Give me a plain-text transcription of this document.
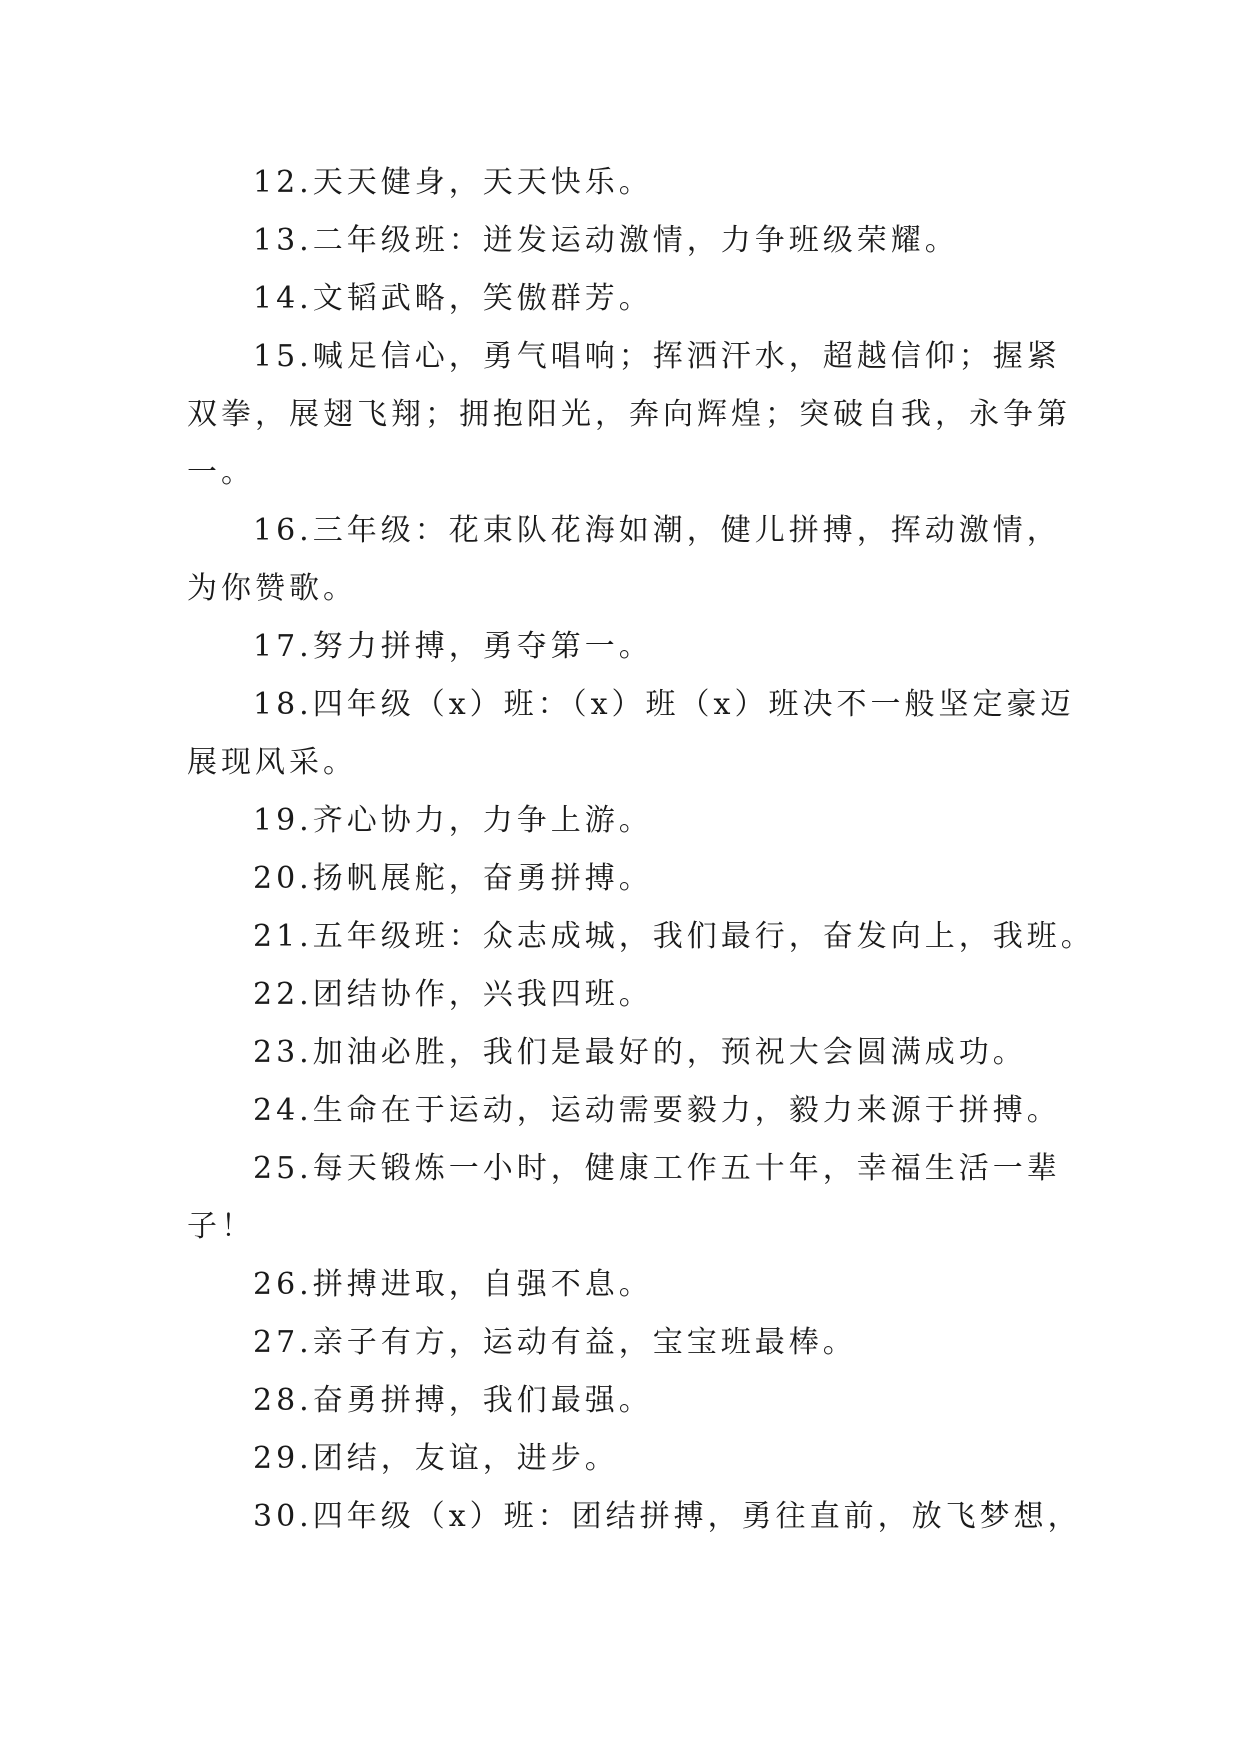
12.天天健身，天天快乐。
13.二年级班：迸发运动激情，力争班级荣耀。
14.文韬武略，笑傲群芳。
15.喊足信心，勇气唱响；挥洒汗水，超越信仰；握紧
双拳，展翅飞翔；拥抱阳光，奔向辉煌；突破自我，永争第
一。
16.三年级：花束队花海如潮，健儿拼搏，挥动激情，
为你赞歌。
17.努力拼搏，勇夺第一。
18.四年级（x）班：（x）班（x）班决不一般坚定豪迈
展现风采。
19.齐心协力，力争上游。
20.扬帆展舵，奋勇拼搏。
21.五年级班：众志成城，我们最行，奋发向上，我班。
22.团结协作，兴我四班。
23.加油必胜，我们是最好的，预祝大会圆满成功。
24.生命在于运动，运动需要毅力，毅力来源于拼搏。
25.每天锻炼一小时，健康工作五十年，幸福生活一辈
子！
26.拼搏进取，自强不息。
27.亲子有方，运动有益，宝宝班最棒。
28.奋勇拼搏，我们最强。
29.团结，友谊，进步。
30.四年级（x）班：团结拼搏，勇往直前，放飞梦想，
